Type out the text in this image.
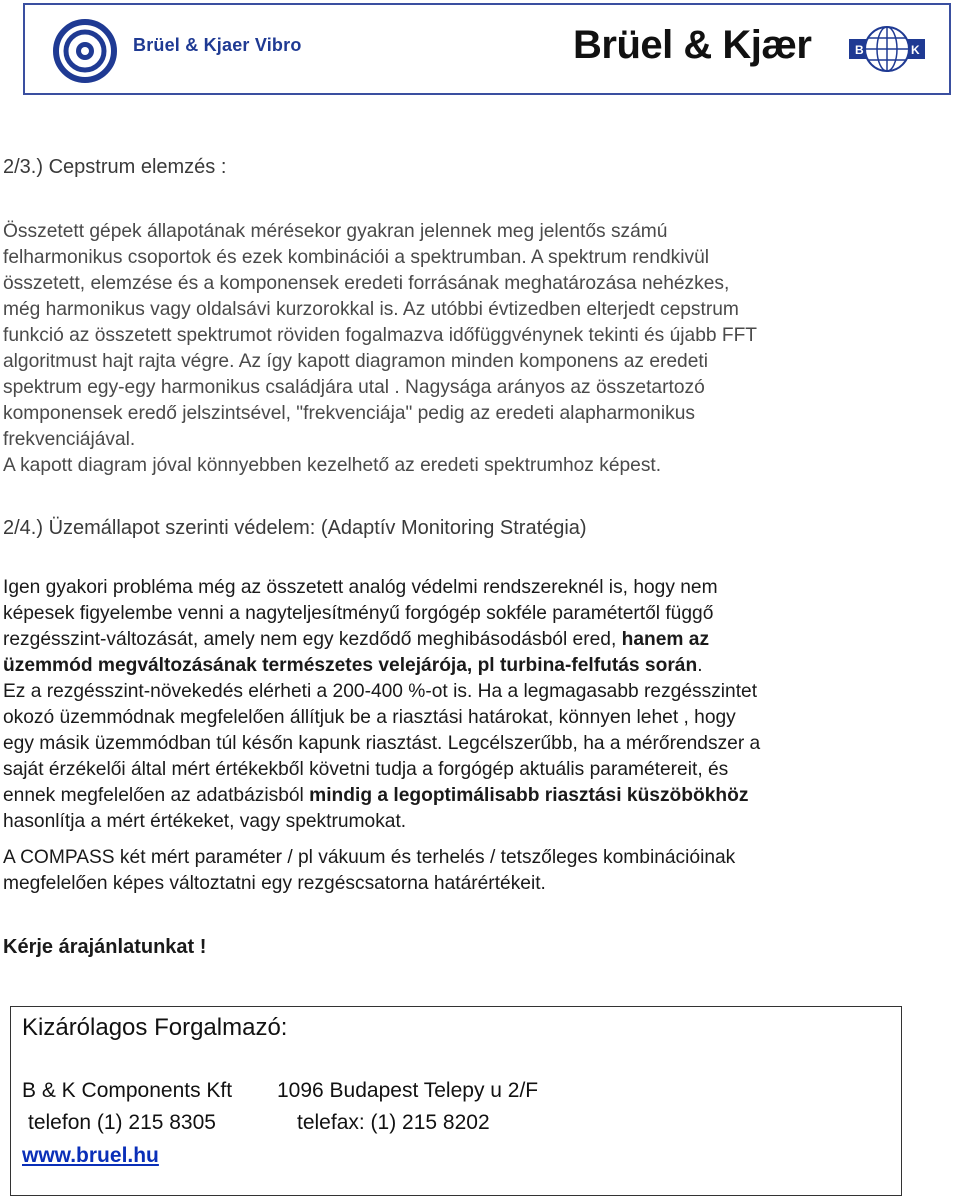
Brüel & Kjaer Vibro	Brüel & Kjær	B	K
2/3.) Cepstrum elemzés :
Összetett gépek állapotának mérésekor gyakran jelennek meg jelentős számú
felharmonikus csoportok és ezek kombinációi a spektrumban. A spektrum rendkivül
összetett, elemzése és a komponensek eredeti forrásának meghatározása nehézkes,
még harmonikus vagy oldalsávi kurzorokkal is. Az utóbbi évtizedben elterjedt cepstrum
funkció az összetett spektrumot röviden fogalmazva időfüggvénynek tekinti és újabb FFT
algoritmust hajt rajta végre. Az így kapott diagramon minden komponens az eredeti
spektrum egy-egy harmonikus családjára utal . Nagysága arányos az összetartozó
komponensek eredő jelszintsével, "frekvenciája" pedig az eredeti alapharmonikus
frekvenciájával.
A kapott diagram jóval könnyebben kezelhető az eredeti spektrumhoz képest.
2/4.) Üzemállapot szerinti védelem: (Adaptív Monitoring Stratégia)
Igen gyakori probléma még az összetett analóg védelmi rendszereknél is, hogy nem
képesek figyelembe venni a nagyteljesítményű forgógép sokféle paramétertől függő
rezgésszint-változását, amely nem egy kezdődő meghibásodásból ered, hanem az
üzemmód megváltozásának természetes velejárója, pl turbina-felfutás során.
Ez a rezgésszint-növekedés elérheti a 200-400 %-ot is. Ha a legmagasabb rezgésszintet
okozó üzemmódnak megfelelően állítjuk be a riasztási határokat, könnyen lehet , hogy
egy másik üzemmódban túl későn kapunk riasztást. Legcélszerűbb, ha a mérőrendszer a
saját érzékelői által mért értékekből követni tudja a forgógép aktuális paramétereit, és
ennek megfelelően az adatbázisból mindig a legoptimálisabb riasztási küszöbökhöz
hasonlítja a mért értékeket, vagy spektrumokat.
A COMPASS két mért paraméter / pl vákuum és terhelés / tetszőleges kombinációinak
megfelelően képes változtatni egy rezgéscsatorna határértékeit.
Kérje árajánlatunkat !
Kizárólagos Forgalmazó:
B & K Components Kft 1096 Budapest Telepy u 2/F
telefon (1) 215 8305	telefax: (1) 215 8202
www.bruel.hu
